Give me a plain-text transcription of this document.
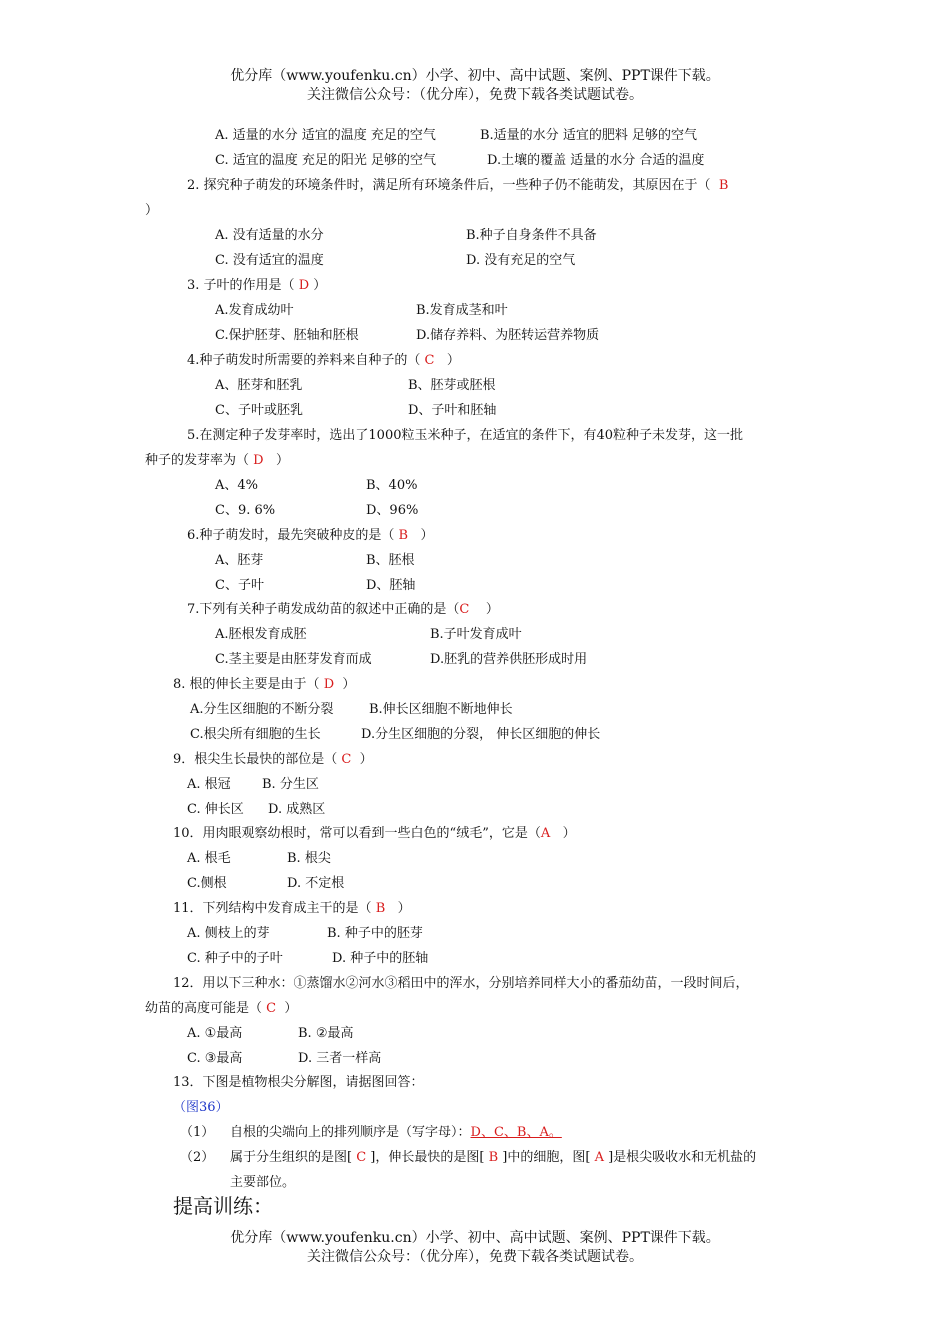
优分库（www.youfenku.cn）小学、初中、高中试题、案例、PPT课件下载。
关注微信公众号：（优分库），免费下载各类试题试卷。
A. 适量的水分 适宜的温度 充足的空气	B.适量的水分 适宜的肥料 足够的空气
C. 适宜的温度 充足的阳光 足够的空气	D.土壤的覆盖 适量的水分 合适的温度
2. 探究种子萌发的环境条件时，满足所有环境条件后，一些种子仍不能萌发，其原因在于（ B
）
A. 没有适量的水分	B.种子自身条件不具备
C. 没有适宜的温度	D. 没有充足的空气
3. 子叶的作用是（ D ）
A.发育成幼叶	B.发育成茎和叶
C.保护胚芽、胚轴和胚根	D.储存养料、为胚转运营养物质
4.种子萌发时所需要的养料来自种子的（ C ）
A、胚芽和胚乳	B、胚芽或胚根
C、子叶或胚乳	D、子叶和胚轴
5.在测定种子发芽率时，选出了1000粒玉米种子，在适宜的条件下，有40粒种子未发芽，这一批
种子的发芽率为（ D ）
A、4%	B、40%
C、9. 6%	D、96%
6.种子萌发时，最先突破种皮的是（ B ）
A、胚芽	B、胚根
C、子叶	D、胚轴
7.下列有关种子萌发成幼苗的叙述中正确的是（C ）
A.胚根发育成胚	B.子叶发育成叶
C.茎主要是由胚芽发育而成	D.胚乳的营养供胚形成时用
8. 根的伸长主要是由于（ D ）
A.分生区细胞的不断分裂	B.伸长区细胞不断地伸长
C.根尖所有细胞的生长	D.分生区细胞的分裂， 伸长区细胞的伸长
9．根尖生长最快的部位是（ C ）
A. 根冠 B. 分生区
C. 伸长区 D. 成熟区
10．用肉眼观察幼根时，常可以看到一些白色的“绒毛”，它是（A ）
A. 根毛	B. 根尖
C.侧根	D. 不定根
11．下列结构中发育成主干的是（ B ）
A. 侧枝上的芽	B. 种子中的胚芽
C. 种子中的子叶	D. 种子中的胚轴
12．用以下三种水：①蒸馏水②河水③稻田中的浑水，分别培养同样大小的番茄幼苗，一段时间后，
幼苗的高度可能是（ C ）
A. ①最高	B. ②最高
C. ③最高	D. 三者一样高
13．下图是植物根尖分解图，请据图回答：
（图36）
（1） 自根的尖端向上的排列顺序是（写字母）：D、C、B、A。
（2） 属于分生组织的是图[ C ]，伸长最快的是图[ B ]中的细胞，图[ A ]是根尖吸收水和无机盐的
主要部位。
提高训练：
优分库（www.youfenku.cn）小学、初中、高中试题、案例、PPT课件下载。
关注微信公众号：（优分库），免费下载各类试题试卷。
